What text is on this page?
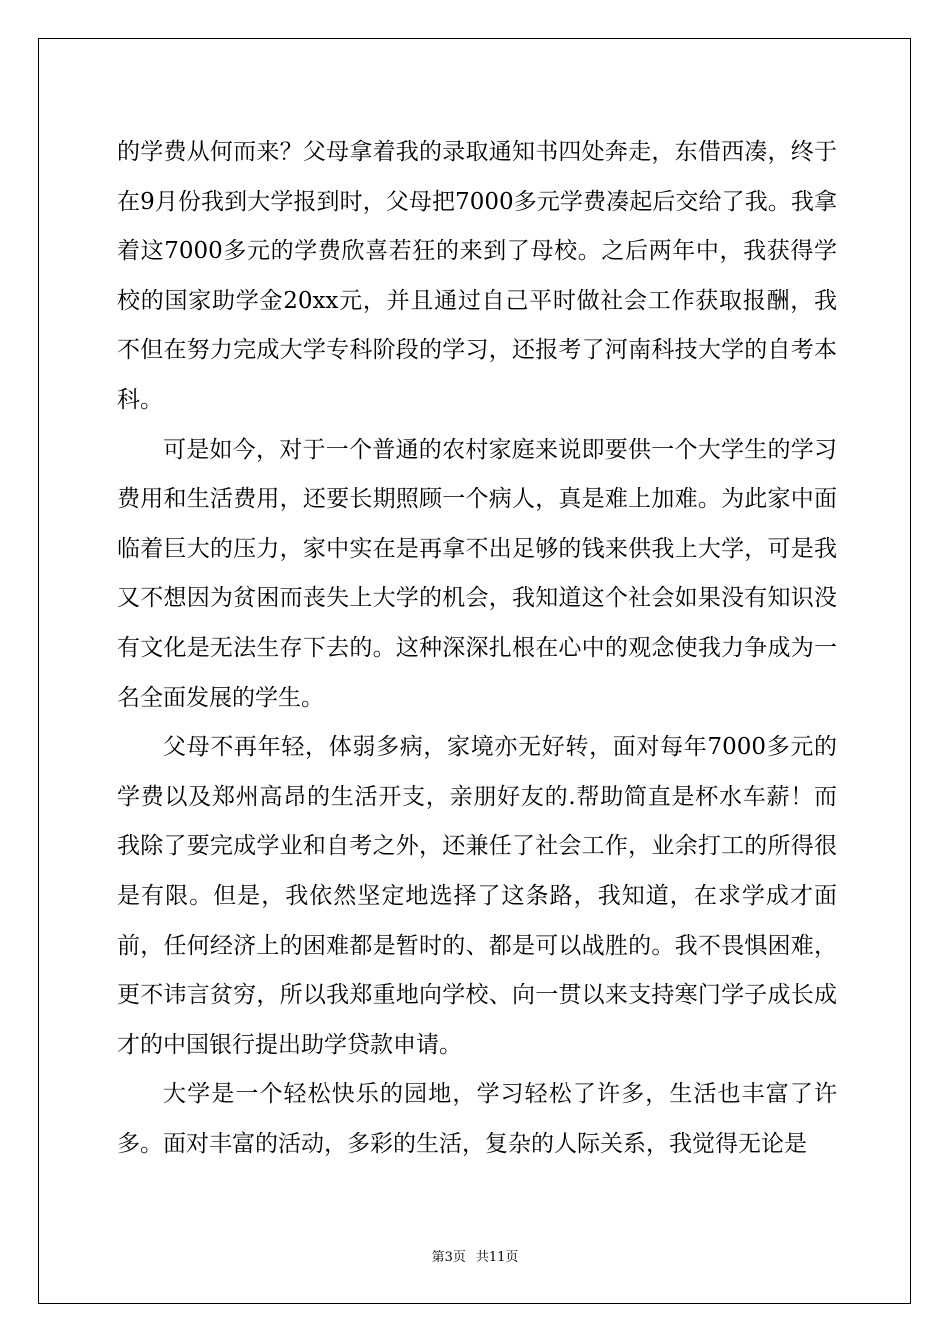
的学费从何而来？父母拿着我的录取通知书四处奔走，东借西凑，终于在9月份我到大学报到时，父母把7000多元学费凑起后交给了我。我拿着这7000多元的学费欣喜若狂的来到了母校。之后两年中，我获得学校的国家助学金20xx元，并且通过自己平时做社会工作获取报酬，我不但在努力完成大学专科阶段的学习，还报考了河南科技大学的自考本科。

可是如今，对于一个普通的农村家庭来说即要供一个大学生的学习费用和生活费用，还要长期照顾一个病人，真是难上加难。为此家中面临着巨大的压力，家中实在是再拿不出足够的钱来供我上大学，可是我又不想因为贫困而丧失上大学的机会，我知道这个社会如果没有知识没有文化是无法生存下去的。这种深深扎根在心中的观念使我力争成为一名全面发展的学生。

父母不再年轻，体弱多病，家境亦无好转，面对每年7000多元的学费以及郑州高昂的生活开支，亲朋好友的.帮助简直是杯水车薪！而我除了要完成学业和自考之外，还兼任了社会工作，业余打工的所得很是有限。但是，我依然坚定地选择了这条路，我知道，在求学成才面前，任何经济上的困难都是暂时的、都是可以战胜的。我不畏惧困难，更不讳言贫穷，所以我郑重地向学校、向一贯以来支持寒门学子成长成才的中国银行提出助学贷款申请。

大学是一个轻松快乐的园地，学习轻松了许多，生活也丰富了许多。面对丰富的活动，多彩的生活，复杂的人际关系，我觉得无论是

第3页 共11页
